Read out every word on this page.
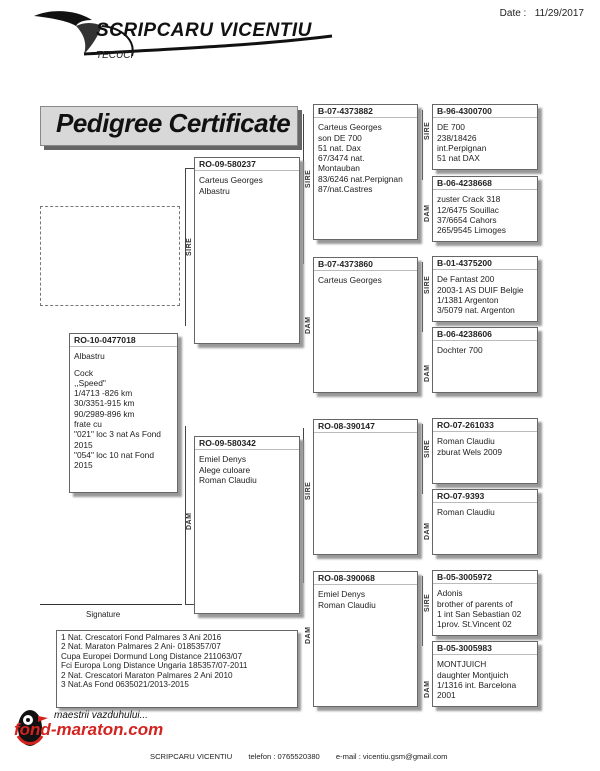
Date : 11/29/2017
SCRIPCARU VICENTIU
TECUCI
Pedigree Certificate
SIRE
DAM
SIRE
DAM
SIRE
DAM
SIRE
DAM
SIRE
DAM
SIRE
DAM
SIRE
DAM
RO-10-0477018
Albastru
Cock
,,Speed"
1/4713 -826 km
30/3351-915 km
90/2989-896 km
frate cu
"021" loc 3 nat As Fond
2015
"054" loc 10 nat Fond
2015
RO-09-580237
Carteus Georges
Albastru
RO-09-580342
Emiel Denys
Alege culoare
Roman Claudiu
B-07-4373882
Carteus Georges
son DE 700
51 nat. Dax
67/3474 nat.
Montauban
83/6246 nat.Perpignan
87/nat.Castres
B-07-4373860
Carteus Georges
RO-08-390147
RO-08-390068
Emiel Denys
Roman Claudiu
B-96-4300700
DE 700
238/18426
int.Perpignan
51 nat DAX
B-06-4238668
zuster Crack 318
12/6475 Souillac
37/6654 Cahors
265/9545 Limoges
B-01-4375200
De Fantast 200
2003-1 AS DUIF Belgie
1/1381 Argenton
3/5079 nat. Argenton
B-06-4238606
Dochter 700
RO-07-261033
Roman Claudiu
zburat Wels 2009
RO-07-9393
Roman Claudiu
B-05-3005972
Adonis
brother of parents of
1 int San Sebastian 02
1prov. St.Vincent 02
B-05-3005983
MONTJUICH
daughter Montjuich
1/1316 int. Barcelona
2001
Signature
1 Nat. Crescatori Fond Palmares 3 Ani 2016
2 Nat. Maraton Palmares 2 Ani- 0185357/07
Cupa Europei Dormund Long Distance 211063/07
Fci Europa Long Distance Ungaria 185357/07-2011
2 Nat. Crescatori Maraton Palmares 2 Ani 2010
3 Nat.As Fond 0635021/2013-2015
maestrii vazduhului...
fond-maraton.com
SCRIPCARU VICENTIU telefon : 0765520380 e-mail : vicentiu.gsm@gmail.com
